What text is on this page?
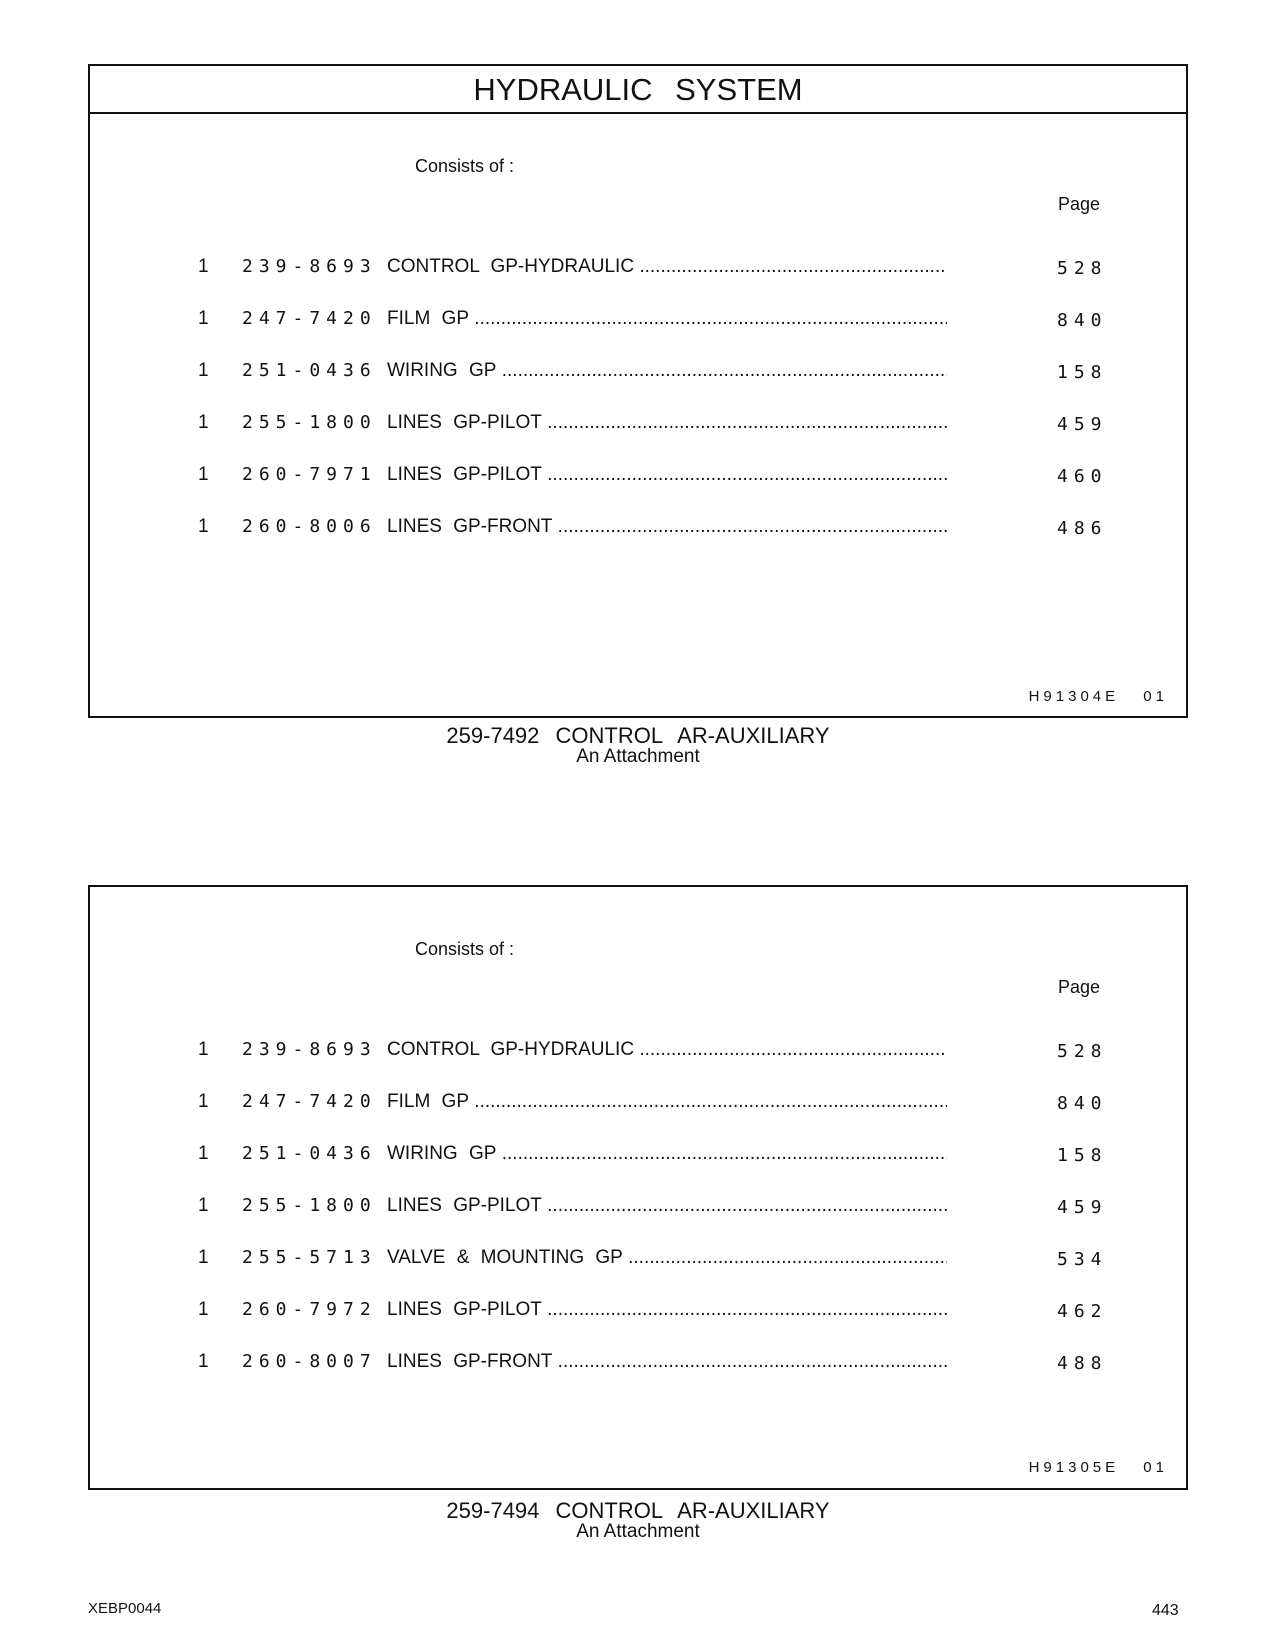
HYDRAULIC SYSTEM
Consists of :
Page
1 239-8693 CONTROL GP-HYDRAULIC .....	528
1 247-7420 FILM GP .....	840
1 251-0436 WIRING GP .....	158
1 255-1800 LINES GP-PILOT .....	459
1 260-7971 LINES GP-PILOT .....	460
1 260-8006 LINES GP-FRONT .....	486
H91304E 01
259-7492 CONTROL AR-AUXILIARY
An Attachment
Consists of :
Page
1 239-8693 CONTROL GP-HYDRAULIC .....	528
1 247-7420 FILM GP .....	840
1 251-0436 WIRING GP .....	158
1 255-1800 LINES GP-PILOT .....	459
1 255-5713 VALVE & MOUNTING GP .....	534
1 260-7972 LINES GP-PILOT .....	462
1 260-8007 LINES GP-FRONT .....	488
H91305E 01
259-7494 CONTROL AR-AUXILIARY
An Attachment
XEBP0044	443
